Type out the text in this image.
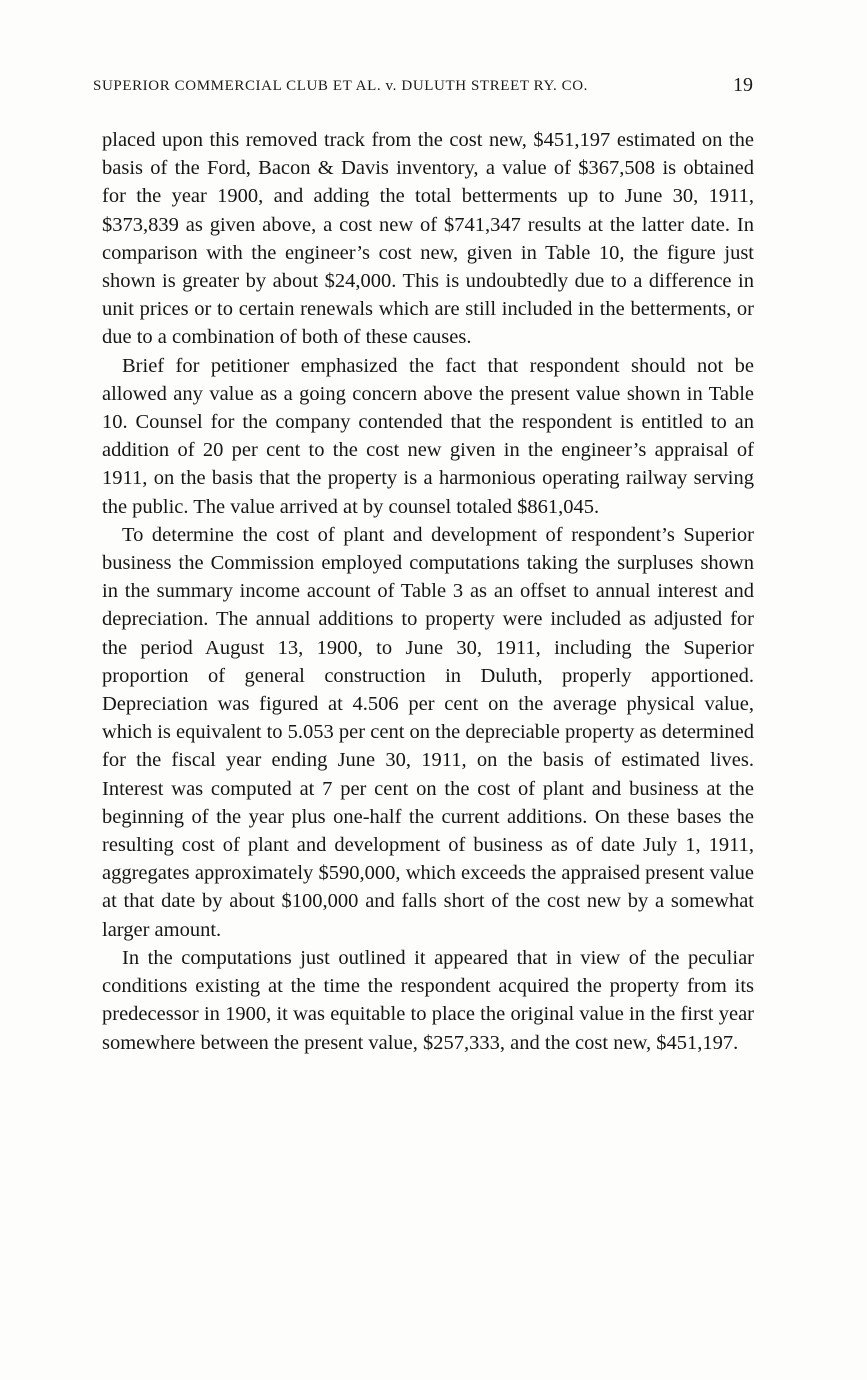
SUPERIOR COMMERCIAL CLUB ET AL. v. DULUTH STREET RY. CO.	19

placed upon this removed track from the cost new, $451,197 estimated on the basis of the Ford, Bacon & Davis inventory, a value of $367,508 is obtained for the year 1900, and adding the total betterments up to June 30, 1911, $373,839 as given above, a cost new of $741,347 results at the latter date. In comparison with the engineer’s cost new, given in Table 10, the figure just shown is greater by about $24,000. This is undoubtedly due to a difference in unit prices or to certain renewals which are still included in the betterments, or due to a combination of both of these causes.

Brief for petitioner emphasized the fact that respondent should not be allowed any value as a going concern above the present value shown in Table 10. Counsel for the company contended that the respondent is entitled to an addition of 20 per cent to the cost new given in the engineer’s appraisal of 1911, on the basis that the property is a harmonious operating railway serving the public. The value arrived at by counsel totaled $861,045.

To determine the cost of plant and development of respondent’s Superior business the Commission employed computations taking the surpluses shown in the summary income account of Table 3 as an offset to annual interest and depreciation. The annual additions to property were included as adjusted for the period August 13, 1900, to June 30, 1911, including the Superior proportion of general construction in Duluth, properly apportioned. Depreciation was figured at 4.506 per cent on the average physical value, which is equivalent to 5.053 per cent on the depreciable property as determined for the fiscal year ending June 30, 1911, on the basis of estimated lives. Interest was computed at 7 per cent on the cost of plant and business at the beginning of the year plus one-half the current additions. On these bases the resulting cost of plant and development of business as of date July 1, 1911, aggregates approximately $590,000, which exceeds the appraised present value at that date by about $100,000 and falls short of the cost new by a somewhat larger amount.

In the computations just outlined it appeared that in view of the peculiar conditions existing at the time the respondent acquired the property from its predecessor in 1900, it was equitable to place the original value in the first year somewhere between the present value, $257,333, and the cost new, $451,197.
